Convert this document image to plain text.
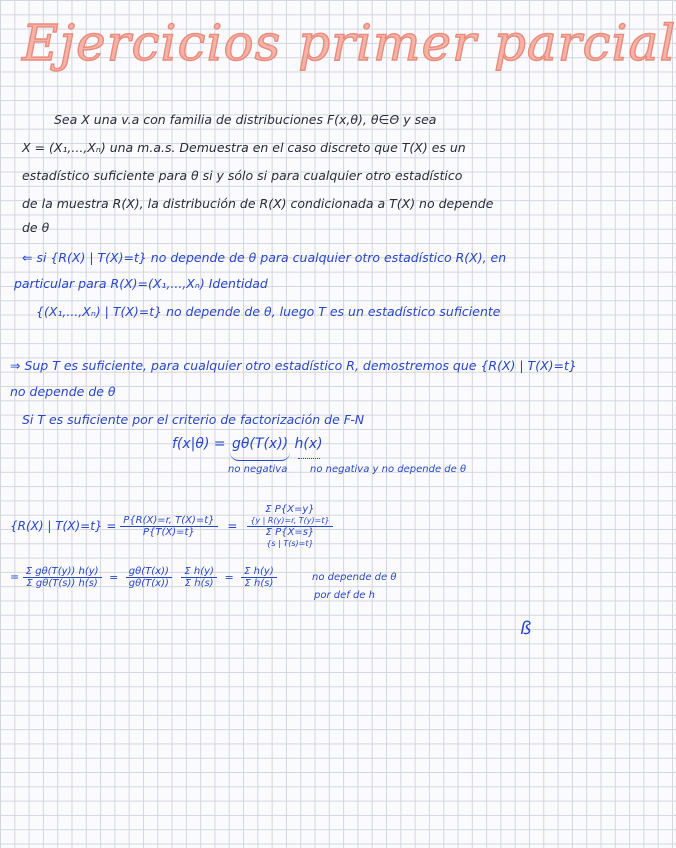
Ejercicios primer parcial
Sea X una v.a con familia de distribuciones F(x,θ), θ∈Θ y sea
X = (X₁,...,Xₙ) una m.a.s. Demuestra en el caso discreto que T(X) es un
estadístico suficiente para θ si y sólo si para cualquier otro estadístico
de la muestra R(X), la distribución de R(X) condicionada a T(X) no depende
de θ
⇐ si {R(X) | T(X)=t} no depende de θ para cualquier otro estadístico R(X), en
particular para R(X)=(X₁,...,Xₙ) Identidad
{(X₁,...,Xₙ) | T(X)=t} no depende de θ, luego T es un estadístico suficiente
⇒ Sup T es suficiente, para cualquier otro estadístico R, demostremos que {R(X) | T(X)=t}
no depende de θ
Si T es suficiente por el criterio de factorización de F-N
f(x|θ) = gθ(T(x))
h(x)
no negativa no negativa y no depende de θ
{R(X) | $T(X)=t\} = \frac{P\{R(X)=r, T(X)=t\}}{P\{T(X)=t\}} = \Sigma$ P{X=y}
{y | R(y)=r, T(y)=t}
Σ P{X=s}
{s | T(s)=t}
= $\frac{\text{Σ gθ(T(y)) h(y)}}{\text{Σ gθ(T(s)) h(s)}} = \frac{g\theta(T(x))}{g\theta(T(x))}$
$\frac{\text{Σ h(y)}}{\text{Σ h(s)}} = \frac{\text{Σ h(y)}}{\text{Σ h(s)}}$	no depende de θ
por def de h
ß
